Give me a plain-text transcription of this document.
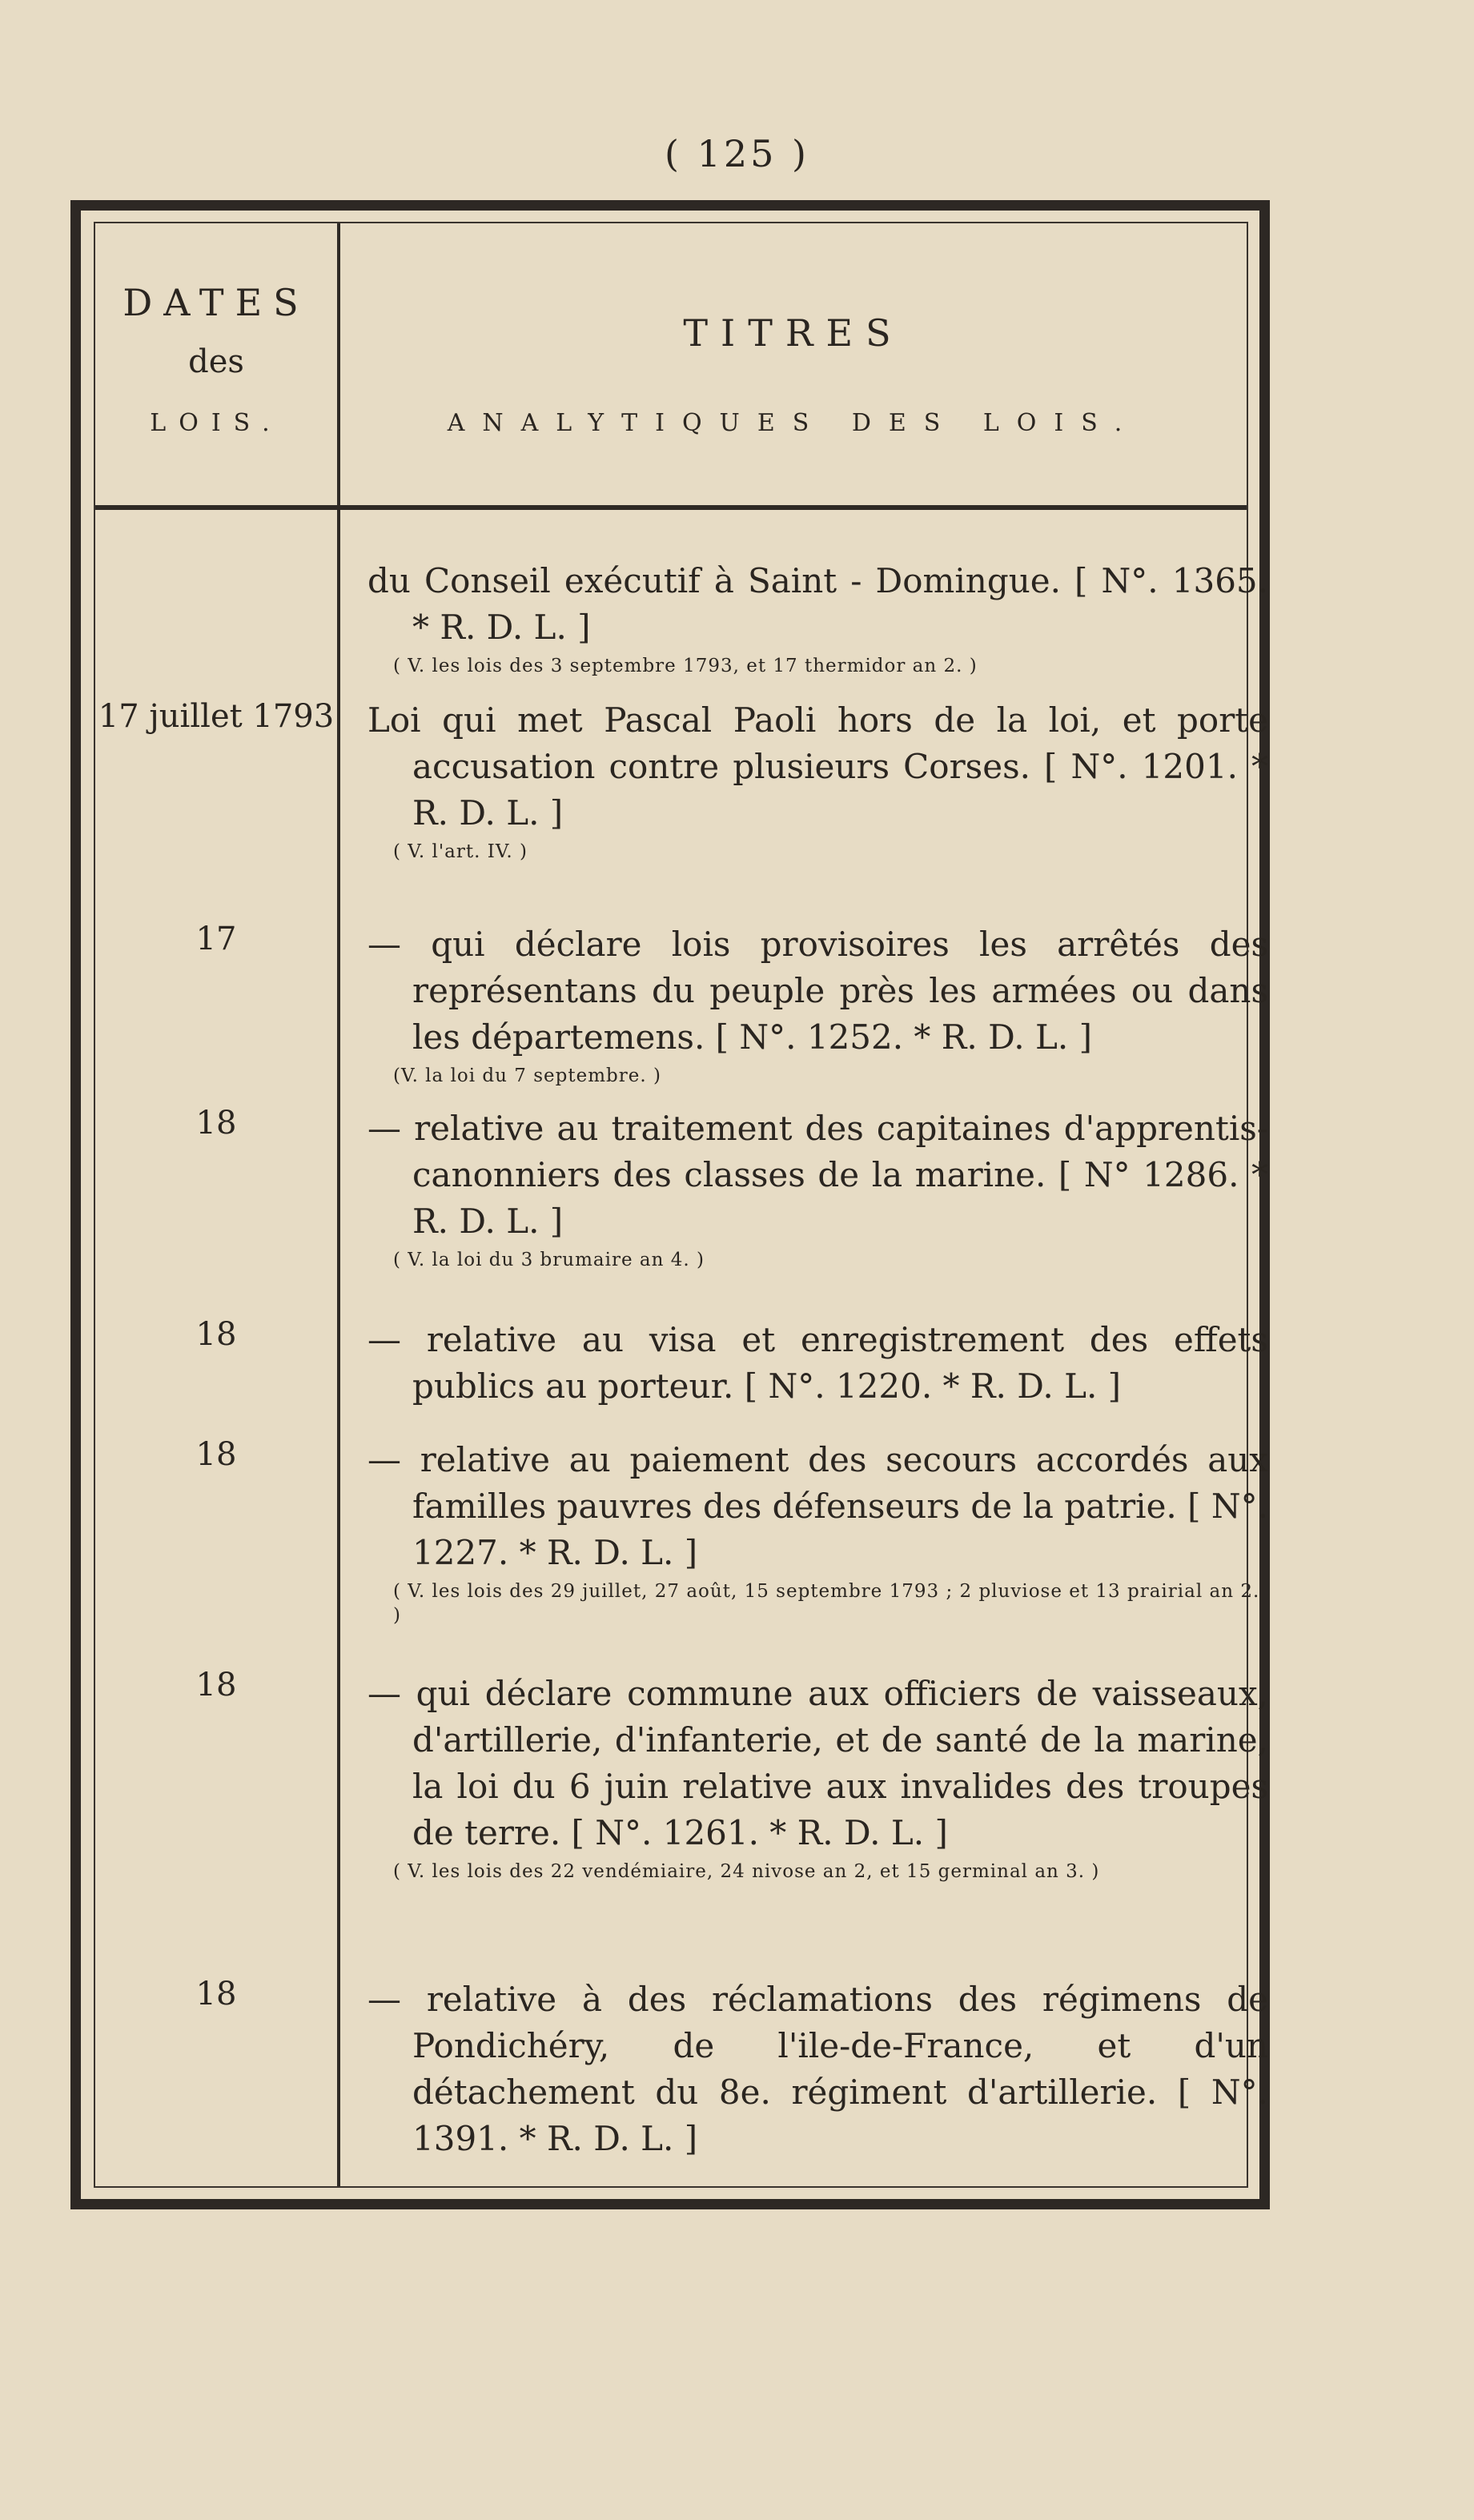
( 125 )
DATES
des
LOIS.
TITRES
ANALYTIQUES DES LOIS.
du Conseil exécutif à Saint - Domingue. [ N°. 1365. * R. D. L. ]
( V. les lois des 3 septembre 1793, et 17 thermidor an 2. )
17 juillet 1793 Loi qui met Pascal Paoli hors de la loi, et porte accusation contre plusieurs Corses. [ N°. 1201. * R. D. L. ]
( V. l'art. IV. )
17	— qui déclare lois provisoires les arrêtés des représentans du peuple près les armées ou dans les départemens. [ N°. 1252. * R. D. L. ]
(V. la loi du 7 septembre. )
18	— relative au traitement des capitaines d'apprentis-canonniers des classes de la marine. [ N° 1286. * R. D. L. ]
( V. la loi du 3 brumaire an 4. )
18	— relative au visa et enregistrement des effets publics au porteur. [ N°. 1220. * R. D. L. ]
18	— relative au paiement des secours accordés aux familles pauvres des défenseurs de la patrie. [ N°. 1227. * R. D. L. ]
( V. les lois des 29 juillet, 27 août, 15 septembre 1793 ; 2 pluviose et 13 prairial an 2. )
18	— qui déclare commune aux officiers de vaisseaux, d'artillerie, d'infanterie, et de santé de la marine, la loi du 6 juin relative aux invalides des troupes de terre. [ N°. 1261. * R. D. L. ]
( V. les lois des 22 vendémiaire, 24 nivose an 2, et 15 germinal an 3. )
18	— relative à des réclamations des régimens de Pondichéry, de l'ile-de-France, et d'un détachement du 8e. régiment d'artillerie. [ N°. 1391. * R. D. L. ]
